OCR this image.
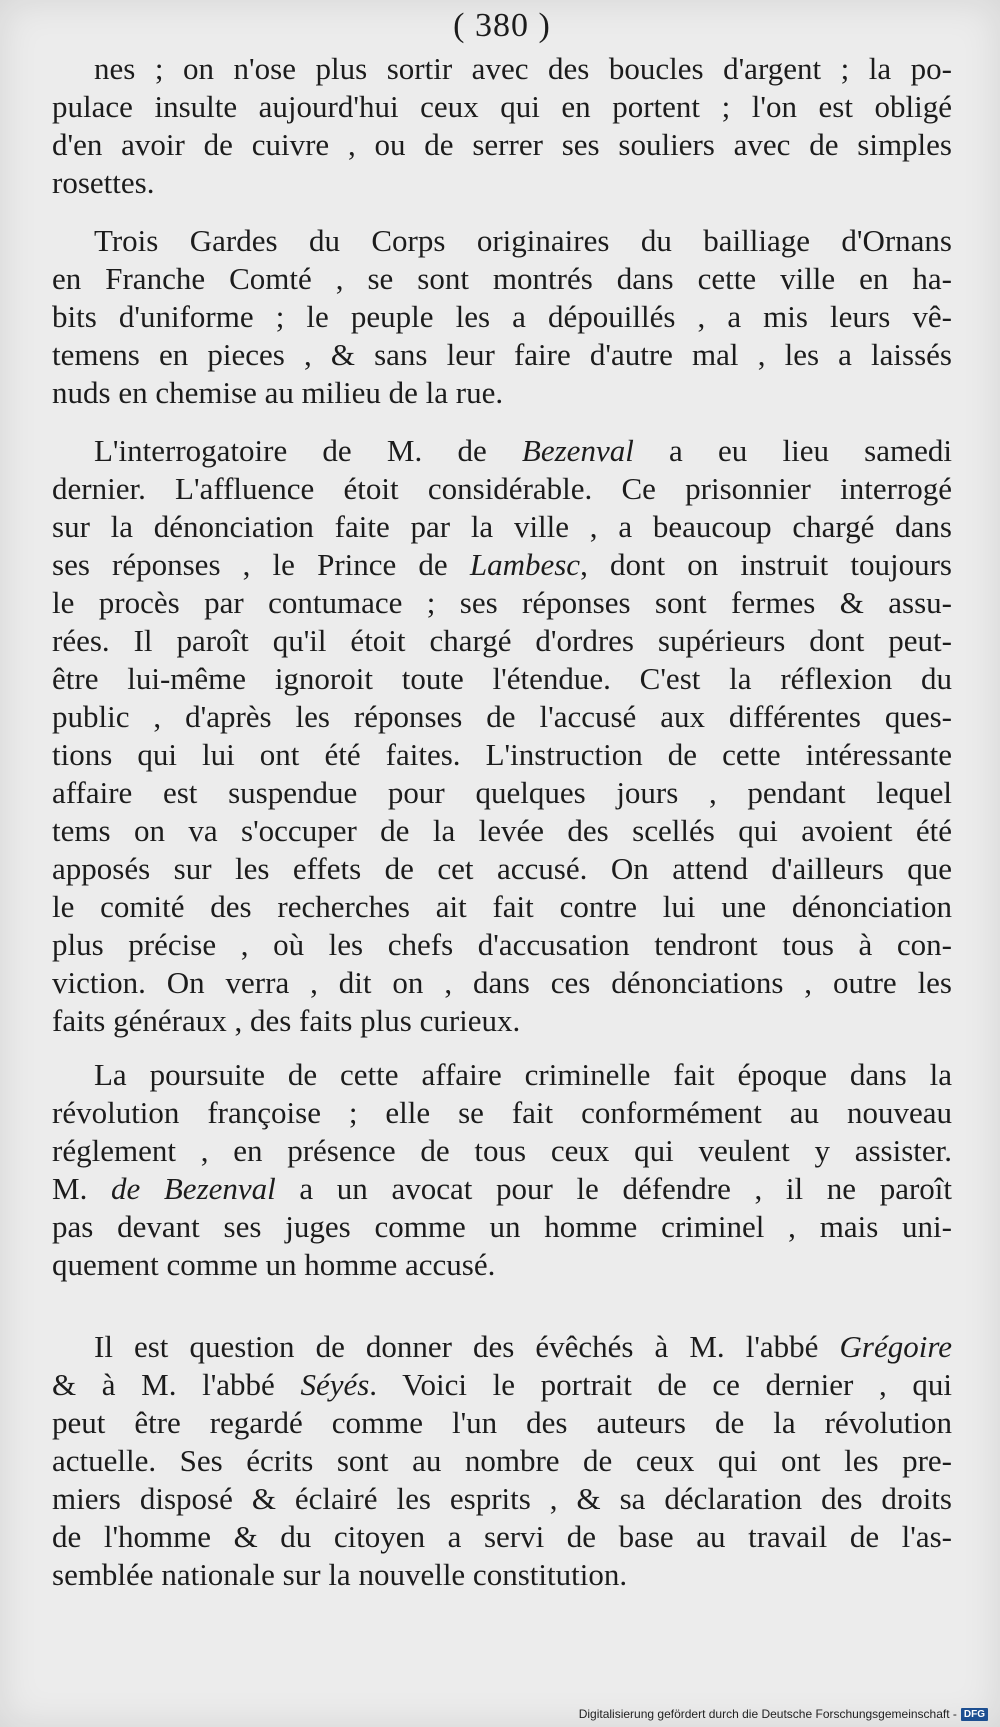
( 380 )
nes ; on n'ose plus sortir avec des boucles d'argent ; la po-
pulace insulte aujourd'hui ceux qui en portent ; l'on est obligé
d'en avoir de cuivre , ou de serrer ses souliers avec de simples
rosettes.
Trois Gardes du Corps originaires du bailliage d'Ornans
en Franche Comté , se sont montrés dans cette ville en ha-
bits d'uniforme ; le peuple les a dépouillés , a mis leurs vê-
temens en pieces , & sans leur faire d'autre mal , les a laissés
nuds en chemise au milieu de la rue.
L'interrogatoire de M. de Bezenval a eu lieu samedi
dernier. L'affluence étoit considérable. Ce prisonnier interrogé
sur la dénonciation faite par la ville , a beaucoup chargé dans
ses réponses , le Prince de Lambesc, dont on instruit toujours
le procès par contumace ; ses réponses sont fermes & assu-
rées. Il paroît qu'il étoit chargé d'ordres supérieurs dont peut-
être lui-même ignoroit toute l'étendue. C'est la réflexion du
public , d'après les réponses de l'accusé aux différentes ques-
tions qui lui ont été faites. L'instruction de cette intéressante
affaire est suspendue pour quelques jours , pendant lequel
tems on va s'occuper de la levée des scellés qui avoient été
apposés sur les effets de cet accusé. On attend d'ailleurs que
le comité des recherches ait fait contre lui une dénonciation
plus précise , où les chefs d'accusation tendront tous à con-
viction. On verra , dit on , dans ces dénonciations , outre les
faits généraux , des faits plus curieux.
La poursuite de cette affaire criminelle fait époque dans la
révolution françoise ; elle se fait conformément au nouveau
réglement , en présence de tous ceux qui veulent y assister.
M. de Bezenval a un avocat pour le défendre , il ne paroît
pas devant ses juges comme un homme criminel , mais uni-
quement comme un homme accusé.
Il est question de donner des évêchés à M. l'abbé Grégoire
& à M. l'abbé Séyés. Voici le portrait de ce dernier , qui
peut être regardé comme l'un des auteurs de la révolution
actuelle. Ses écrits sont au nombre de ceux qui ont les pre-
miers disposé & éclairé les esprits , & sa déclaration des droits
de l'homme & du citoyen a servi de base au travail de l'as-
semblée nationale sur la nouvelle constitution.
Digitalisierung gefördert durch die Deutsche Forschungsgemeinschaft - DFG
